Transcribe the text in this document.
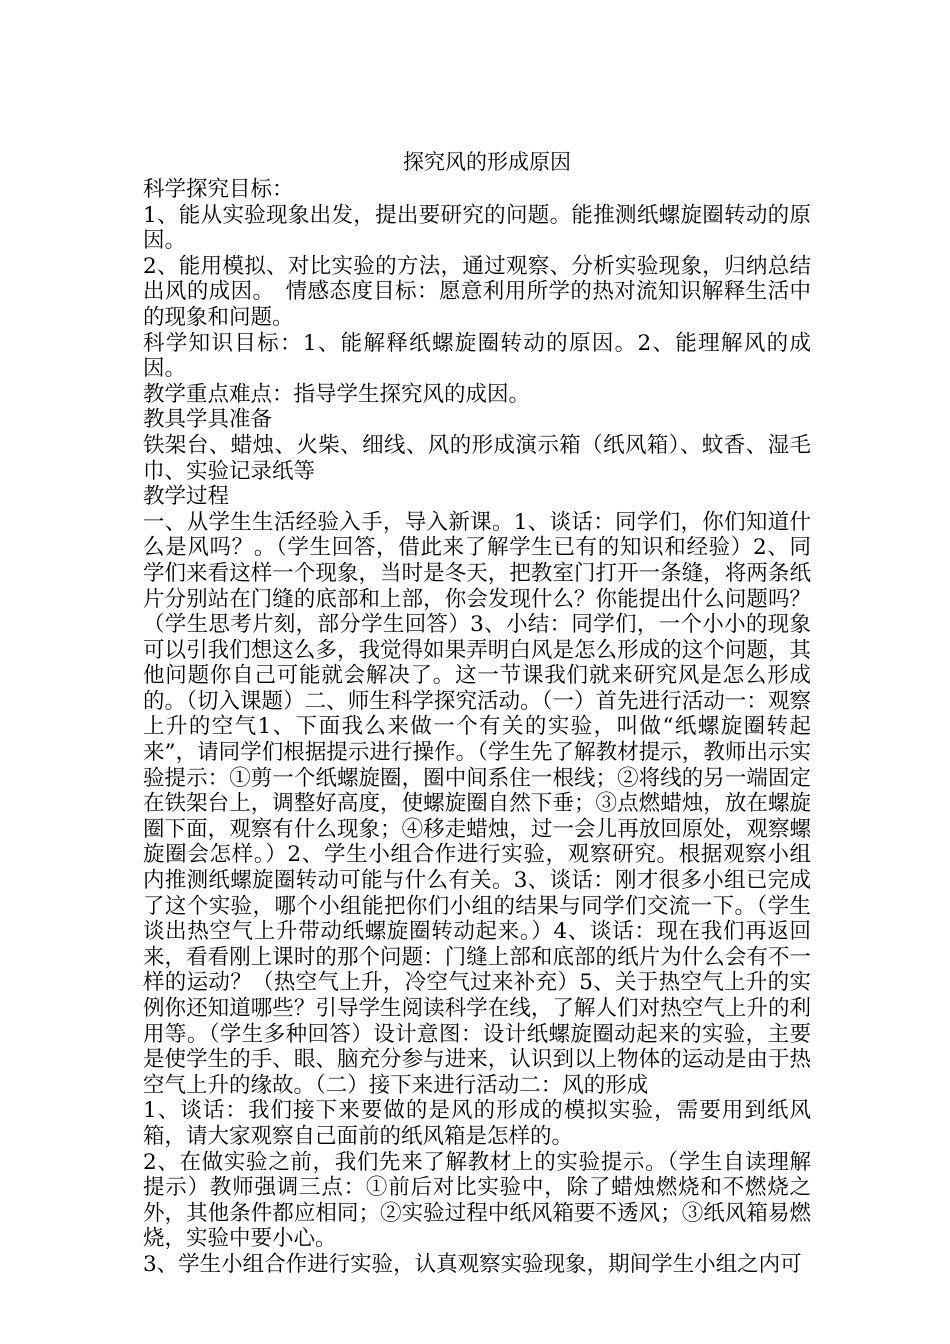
探究风的形成原因

科学探究目标：

1、能从实验现象出发，提出要研究的问题。能推测纸螺旋圈转动的原因。

2、能用模拟、对比实验的方法，通过观察、分析实验现象，归纳总结出风的成因。　情感态度目标：愿意利用所学的热对流知识解释生活中的现象和问题。

科学知识目标：1、能解释纸螺旋圈转动的原因。2、能理解风的成因。

教学重点难点：指导学生探究风的成因。

教具学具准备

铁架台、蜡烛、火柴、细线、风的形成演示箱（纸风箱）、蚊香、湿毛巾、实验记录纸等

教学过程

一、从学生生活经验入手，导入新课。1、谈话：同学们，你们知道什么是风吗？。（学生回答，借此来了解学生已有的知识和经验）2、同学们来看这样一个现象，当时是冬天，把教室门打开一条缝，将两条纸片分别站在门缝的底部和上部，你会发现什么？你能提出什么问题吗？（学生思考片刻，部分学生回答）3、小结：同学们，一个小小的现象可以引我们想这么多，我觉得如果弄明白风是怎么形成的这个问题，其他问题你自己可能就会解决了。这一节课我们就来研究风是怎么形成的。（切入课题）二、师生科学探究活动。（一）首先进行活动一：观察上升的空气1、下面我么来做一个有关的实验，叫做“纸螺旋圈转起来”，请同学们根据提示进行操作。（学生先了解教材提示，教师出示实验提示：①剪一个纸螺旋圈，圈中间系住一根线；②将线的另一端固定在铁架台上，调整好高度，使螺旋圈自然下垂；③点燃蜡烛，放在螺旋圈下面，观察有什么现象；④移走蜡烛，过一会儿再放回原处，观察螺旋圈会怎样。）2、学生小组合作进行实验，观察研究。根据观察小组内推测纸螺旋圈转动可能与什么有关。3、谈话：刚才很多小组已完成了这个实验，哪个小组能把你们小组的结果与同学们交流一下。（学生谈出热空气上升带动纸螺旋圈转动起来。）4、谈话：现在我们再返回来，看看刚上课时的那个问题：门缝上部和底部的纸片为什么会有不一样的运动？（热空气上升，冷空气过来补充）5、关于热空气上升的实例你还知道哪些？引导学生阅读科学在线，了解人们对热空气上升的利用等。（学生多种回答）设计意图：设计纸螺旋圈动起来的实验，主要是使学生的手、眼、脑充分参与进来，认识到以上物体的运动是由于热空气上升的缘故。（二）接下来进行活动二：风的形成

1、谈话：我们接下来要做的是风的形成的模拟实验，需要用到纸风箱，请大家观察自己面前的纸风箱是怎样的。

2、在做实验之前，我们先来了解教材上的实验提示。（学生自读理解提示）教师强调三点：①前后对比实验中，除了蜡烛燃烧和不燃烧之外，其他条件都应相同；②实验过程中纸风箱要不透风；③纸风箱易燃烧，实验中要小心。

3、学生小组合作进行实验，认真观察实验现象，期间学生小组之内可
